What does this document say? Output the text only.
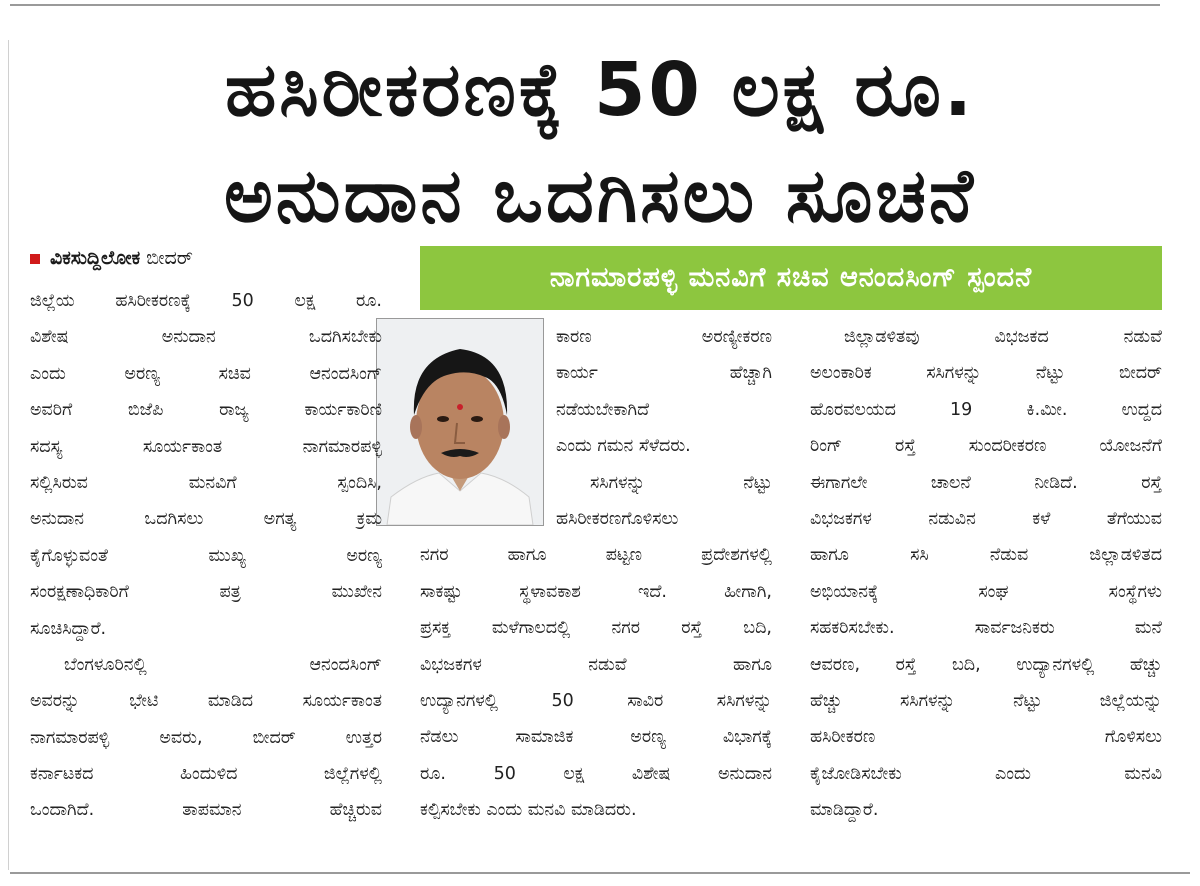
ಹಸಿರೀಕರಣಕ್ಕೆ 50 ಲಕ್ಷ ರೂ.
ಅನುದಾನ ಒದಗಿಸಲು ಸೂಚನೆ
ವಿಕಸುದ್ದಿಲೋಕ ಬೀದರ್
ನಾಗಮಾರಪಳ್ಳಿ ಮನವಿಗೆ ಸಚಿವ ಆನಂದಸಿಂಗ್ ಸ್ಪಂದನೆ
ಜಿಲ್ಲೆಯ ಹಸಿರೀಕರಣಕ್ಕೆ 50 ಲಕ್ಷ ರೂ.
ವಿಶೇಷ ಅನುದಾನ ಒದಗಿಸಬೇಕು
ಎಂದು ಅರಣ್ಯ ಸಚಿವ ಆನಂದಸಿಂಗ್
ಅವರಿಗೆ ಬಿಜೆಪಿ ರಾಜ್ಯ ಕಾರ್ಯಕಾರಿಣಿ
ಸದಸ್ಯ ಸೂರ್ಯಕಾಂತ ನಾಗಮಾರಪಳ್ಳಿ
ಸಲ್ಲಿಸಿರುವ ಮನವಿಗೆ ಸ್ಪಂದಿಸಿ,
ಅನುದಾನ ಒದಗಿಸಲು ಅಗತ್ಯ ಕ್ರಮ
ಕೈಗೊಳ್ಳುವಂತೆ ಮುಖ್ಯ ಅರಣ್ಯ
ಸಂರಕ್ಷಣಾಧಿಕಾರಿಗೆ ಪತ್ರ ಮುಖೇನ
ಸೂಚಿಸಿದ್ದಾರೆ.
ಬೆಂಗಳೂರಿನಲ್ಲಿ ಆನಂದಸಿಂಗ್
ಅವರನ್ನು ಭೇಟಿ ಮಾಡಿದ ಸೂರ್ಯಕಾಂತ
ನಾಗಮಾರಪಳ್ಳಿ ಅವರು, ಬೀದರ್ ಉತ್ತರ
ಕರ್ನಾಟಕದ ಹಿಂದುಳಿದ ಜಿಲ್ಲೆಗಳಲ್ಲಿ
ಒಂದಾಗಿದೆ. ತಾಪಮಾನ ಹೆಚ್ಚಿರುವ
ಕಾರಣ ಅರಣ್ಯೀಕರಣ
ಕಾರ್ಯ ಹೆಚ್ಚಾಗಿ
ನಡೆಯಬೇಕಾಗಿದೆ
ಎಂದು ಗಮನ ಸೆಳೆದರು.
ಸಸಿಗಳನ್ನು ನೆಟ್ಟು
ಹಸಿರೀಕರಣಗೊಳಿಸಲು
ನಗರ ಹಾಗೂ ಪಟ್ಟಣ ಪ್ರದೇಶಗಳಲ್ಲಿ
ಸಾಕಷ್ಟು ಸ್ಥಳಾವಕಾಶ ಇದೆ. ಹೀಗಾಗಿ,
ಪ್ರಸಕ್ತ ಮಳೆಗಾಲದಲ್ಲಿ ನಗರ ರಸ್ತೆ ಬದಿ,
ವಿಭಜಕಗಳ ನಡುವೆ ಹಾಗೂ
ಉದ್ಯಾನಗಳಲ್ಲಿ 50 ಸಾವಿರ ಸಸಿಗಳನ್ನು
ನೆಡಲು ಸಾಮಾಜಿಕ ಅರಣ್ಯ ವಿಭಾಗಕ್ಕೆ
ರೂ. 50 ಲಕ್ಷ ವಿಶೇಷ ಅನುದಾನ
ಕಲ್ಪಿಸಬೇಕು ಎಂದು ಮನವಿ ಮಾಡಿದರು.
ಜಿಲ್ಲಾಡಳಿತವು ವಿಭಜಕದ ನಡುವೆ
ಅಲಂಕಾರಿಕ ಸಸಿಗಳನ್ನು ನೆಟ್ಟು ಬೀದರ್
ಹೊರವಲಯದ 19 ಕಿ.ಮೀ. ಉದ್ದದ
ರಿಂಗ್ ರಸ್ತೆ ಸುಂದರೀಕರಣ ಯೋಜನೆಗೆ
ಈಗಾಗಲೇ ಚಾಲನೆ ನೀಡಿದೆ. ರಸ್ತೆ
ವಿಭಜಕಗಳ ನಡುವಿನ ಕಳೆ ತೆಗೆಯುವ
ಹಾಗೂ ಸಸಿ ನೆಡುವ ಜಿಲ್ಲಾಡಳಿತದ
ಅಭಿಯಾನಕ್ಕೆ ಸಂಘ ಸಂಸ್ಥೆಗಳು
ಸಹಕರಿಸಬೇಕು. ಸಾರ್ವಜನಿಕರು ಮನೆ
ಆವರಣ, ರಸ್ತೆ ಬದಿ, ಉದ್ಯಾನಗಳಲ್ಲಿ ಹೆಚ್ಚು
ಹೆಚ್ಚು ಸಸಿಗಳನ್ನು ನೆಟ್ಟು ಜಿಲ್ಲೆಯನ್ನು
ಹಸಿರೀಕರಣ ಗೊಳಿಸಲು
ಕೈಜೋಡಿಸಬೇಕು ಎಂದು ಮನವಿ
ಮಾಡಿದ್ದಾರೆ.
